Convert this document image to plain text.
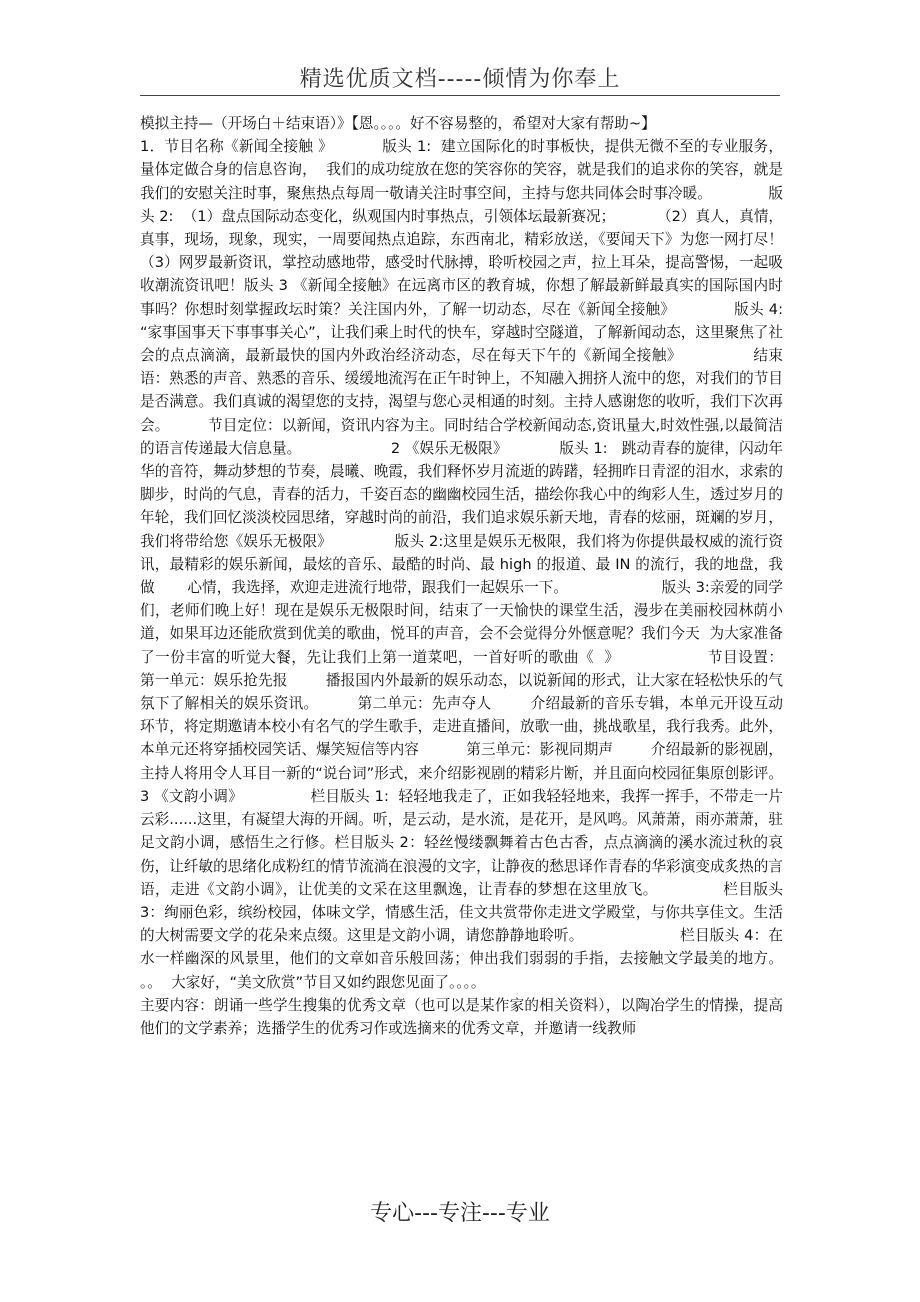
精选优质文档-----倾情为你奉上

模拟主持—（开场白＋结束语）》【恩。。。。好不容易整的，希望对大家有帮助~】

1．节目名称《新闻全接触 》          版头 1:  建立国际化的时事板快，提供无微不至的专业服务，  量体定做合身的信息咨询，  我们的成功绽放在您的笑容你的笑容，就是我们的追求你的笑容，就是我们的安慰关注时事，聚焦热点每周一敬请关注时事空间，主持与您共同体会时事冷暖。            版头 2:  （1）盘点国际动态变化，纵观国内时事热点，引领体坛最新赛况；         （2）真人，真情，真事，现场，现象，现实，一周要闻热点追踪，东西南北，精彩放送，《要闻天下》为您一网打尽！          （3）网罗最新资讯，掌控动感地带，感受时代脉搏，聆听校园之声，拉上耳朵，提高警惕，一起吸收潮流资讯吧！版头 3 《新闻全接触》在远离市区的教育城，你想了解最新鲜最真实的国际国内时事吗？你想时刻掌握政坛时策？关注国内外，了解一切动态，尽在《新闻全接触》            版头 4: “家事国事天下事事事关心”，让我们乘上时代的快车，穿越时空隧道，了解新闻动态，这里聚焦了社会的点点滴滴，最新最快的国内外政治经济动态，尽在每天下午的《新闻全接触》              结束语：熟悉的声音、熟悉的音乐、缓缓地流泻在正午时钟上，不知融入拥挤人流中的您，对我们的节目是否满意。我们真诚的渴望您的支持，渴望与您心灵相通的时刻。主持人感谢您的收听，我们下次再会。        节目定位：以新闻，资讯内容为主。同时结合学校新闻动态,资讯量大,时效性强,以最简洁的语言传递最大信息量。                   2 《娱乐无极限》           版头 1:   跳动青春的旋律，闪动年华的音符，舞动梦想的节奏，晨曦、晚霞，我们释怀岁月流逝的踌躇，轻拥昨日青涩的泪水，求索的脚步，时尚的气息，青春的活力，千姿百态的幽幽校园生活，描绘你我心中的绚彩人生，透过岁月的年轮，我们回忆淡淡校园思绪，穿越时尚的前沿，我们追求娱乐新天地，青春的炫丽，斑斓的岁月，我们将带给您《娱乐无极限》             版头 2:这里是娱乐无极限，我们将为你提供最权威的流行资讯，最精彩的娱乐新闻，最炫的音乐、最酷的时尚、最 high 的报道、最 IN 的流行，我的地盘，我做       心情，我选择，欢迎走进流行地带，跟我们一起娱乐一下。                    版头 3:亲爱的同学们，老师们晚上好！现在是娱乐无极限时间，结束了一天愉快的课堂生活，漫步在美丽校园林荫小道，如果耳边还能欣赏到优美的歌曲，悦耳的声音，会不会觉得分外惬意呢？我们今天  为大家准备了一份丰富的听觉大餐，先让我们上第一道菜吧，一首好听的歌曲《  》                 节目设置：        第一单元：娱乐抢先报        播报国内外最新的娱乐动态，以说新闻的形式，让大家在轻松快乐的气氛下了解相关的娱乐资讯。        第二单元：先声夺人        介绍最新的音乐专辑，本单元开设互动环节，将定期邀请本校小有名气的学生歌手，走进直播间，放歌一曲，挑战歌星，我行我秀。此外，本单元还将穿插校园笑话、爆笑短信等内容          第三单元：影视同期声        介绍最新的影视剧，主持人将用令人耳目一新的“说台词”形式，来介绍影视剧的精彩片断，并且面向校园征集原创影评。              3 《文韵小调》              栏目版头 1:  轻轻地我走了，正如我轻轻地来，我挥一挥手，不带走一片云彩......这里，有凝望大海的开阔。听，是云动，是水流，是花开，是风鸣。风萧萧，雨亦萧萧，驻足文韵小调，感悟生之行修。栏目版头 2：轻丝慢缕飘舞着古色古香，点点滴滴的溪水流过秋的哀伤，让纤敏的思绪化成粉红的情节流淌在浪漫的文字，让静夜的愁思译作青春的华彩演变成炙热的言语，走进《文韵小调》，让优美的文采在这里飘逸，让青春的梦想在这里放飞。             栏目版头 3：绚丽色彩，缤纷校园，体味文学，情感生活，佳文共赏带你走进文学殿堂，与你共享佳文。生活的大树需要文学的花朵来点缀。这里是文韵小调，请您静静地聆听。                    栏目版头 4：在水一样幽深的风景里，他们的文章如音乐般回荡；伸出我们弱弱的手指，去接触文学最美的地方。  。。  大家好，“美文欣赏”节目又如约跟您见面了。。。。

主要内容：朗诵一些学生搜集的优秀文章（也可以是某作家的相关资料），以陶冶学生的情操，提高他们的文学素养；选播学生的优秀习作或选摘来的优秀文章，并邀请一线教师

专心---专注---专业
